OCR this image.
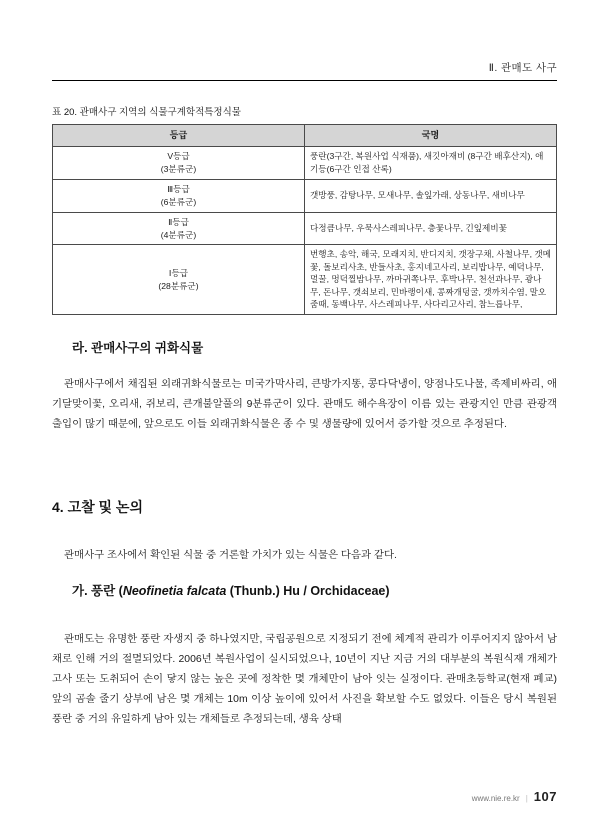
Ⅱ. 관매도 사구
표 20. 관매사구 지역의 식물구계학적특정식물
등급	국명

V등급
(3분류군)	풍란(3구간, 복원사업 식재품), 새깃아재비 (8구간 배후산지), 애기등(6구간 인접 산록)

Ⅲ등급
(6분류군)	갯방풍, 감탕나무, 모새나무, 솔잎가래, 상동나무, 새비나무

Ⅱ등급
(4분류군)	다정큼나무, 우묵사스레피나무, 층꽃나무, 긴잎제비꽃

Ⅰ등급
(28분류군)	번행초, 송악, 해국, 모래지치, 반디지치, 갯장구채, 사철나무, 갯메꽃, 돌보리사초, 반들사초, 홍지네고사리, 보리밥나무, 예덕나무, 멀꿀, 멍덕찔밤나무, 까마귀쪽나무, 후박나무, 천선과나무, 광나무, 돈나무, 갯쇠보리, 민바랭이새, 콩짜개덩굴, 갯까치수염, 말오줌때, 동백나무, 사스레피나무, 사다리고사리, 참느릅나무,
라. 관매사구의 귀화식물

관매사구에서 채집된 외래귀화식물로는 미국가막사리, 큰방가지똥, 콩다닥냉이, 양점나도나물, 족제비싸리, 애기달맞이꽃, 오리새, 쥐보리, 큰개불알풀의 9분류군이 있다. 관매도 해수욕장이 이름 있는 관광지인 만큼 관광객 출입이 많기 때문에, 앞으로도 이들 외래귀화식물은 종 수 및 생물량에 있어서 증가할 것으로 추정된다.

4. 고찰 및 논의

관매사구 조사에서 확인된 식물 중 거론할 가치가 있는 식물은 다음과 같다.

가. 풍란 (Neofinetia falcata (Thunb.) Hu / Orchidaceae)

관매도는 유명한 풍란 자생지 중 하나였지만, 국립공원으로 지정되기 전에 체계적 관리가 이루어지지 않아서 남채로 인해 거의 절멸되었다. 2006년 복원사업이 실시되었으나, 10년이 지난 지금 거의 대부분의 복원식재 개체가 고사 또는 도취되어 손이 닿지 않는 높은 곳에 정착한 몇 개체만이 남아 잇는 실정이다. 관매초등학교(현재 폐교) 앞의 곰솔 줄기 상부에 남은 몇 개체는 10m 이상 높이에 있어서 사진을 확보할 수도 없었다. 이들은 당시 복원된 풍란 중 거의 유일하게 남아 있는 개체들로 추정되는데, 생육 상태

www.nie.re.kr | 107
